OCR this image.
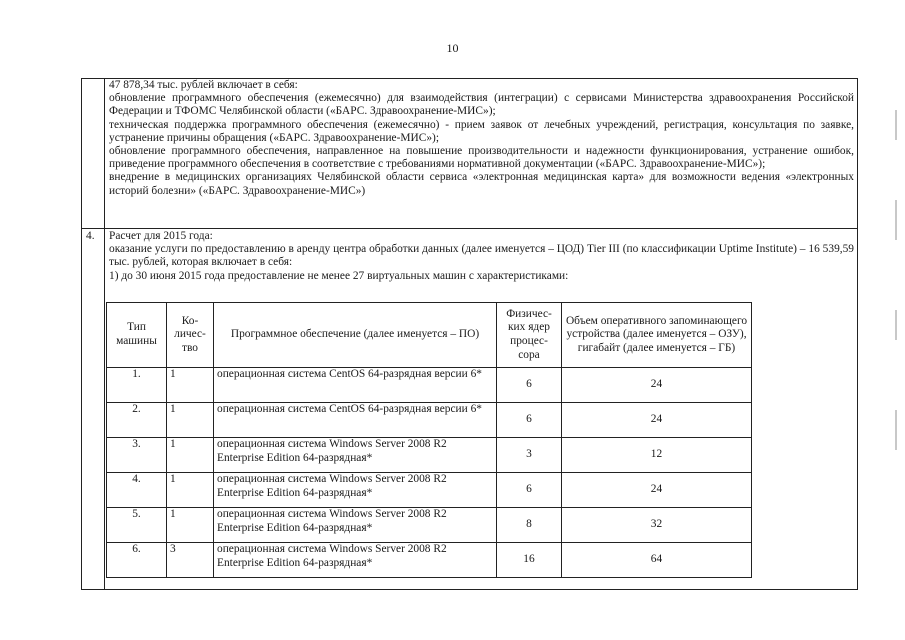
10

47 878,34 тыс. рублей включает в себя:

обновление программного обеспечения (ежемесячно) для взаимодействия (интеграции) с сервисами Министерства здравоохранения Российской Федерации и ТФОМС Челябинской области («БАРС. Здравоохранение-МИС»);

техническая поддержка программного обеспечения (ежемесячно) - прием заявок от лечебных учреждений, регистрация, консультация по заявке, устранение причины обращения («БАРС. Здравоохранение-МИС»);

обновление программного обеспечения, направленное на повышение производительности и надежности функционирования, устранение ошибок, приведение программного обеспечения в соответствие с требованиями нормативной документации («БАРС. Здравоохранение-МИС»);

внедрение в медицинских организациях Челябинской области сервиса «электронная медицинская карта» для возможности ведения «электронных историй болезни» («БАРС. Здравоохранение-МИС»)

4. Расчет для 2015 года:

оказание услуги по предоставлению в аренду центра обработки данных (далее именуется – ЦОД) Tier III (по классификации Uptime Institute) – 16 539,59 тыс. рублей, которая включает в себя:

1) до 30 июня 2015 года предоставление не менее 27 виртуальных машин с характеристиками:

Тип машины	Ко-личес-тво	Программное обеспечение (далее именуется – ПО)	Физичес-ких ядер процес-сора	Объем оперативного запоминающего устройства (далее именуется – ОЗУ), гигабайт (далее именуется – ГБ)
1.	1	операционная система CentOS 64-разрядная версии 6*	6	24
2.	1	операционная система CentOS 64-разрядная версии 6*	6	24
3.	1	операционная система Windows Server 2008 R2 Enterprise Edition 64-разрядная*	3	12
4.	1	операционная система Windows Server 2008 R2 Enterprise Edition 64-разрядная*	6	24
5.	1	операционная система Windows Server 2008 R2 Enterprise Edition 64-разрядная*	8	32
6.	3	операционная система Windows Server 2008 R2 Enterprise Edition 64-разрядная*	16	64
